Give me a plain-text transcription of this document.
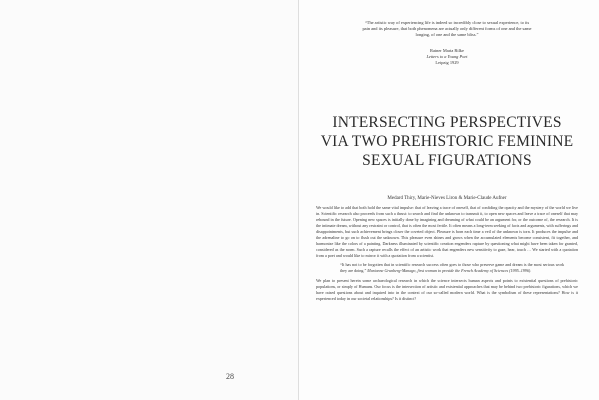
28

“The artistic way of experiencing life is indeed so incredibly close to sexual experience, to its pain and its pleasure, that both phenomena are actually only different forms of one and the same longing, of one and the same bliss.”

Rainer Maria Rilke
Letters to a Young Poet
Leipzig 1929
INTERSECTING PERSPECTIVES VIA TWO PREHISTORIC FEMININE SEXUAL FIGURATIONS
Medard Thiry, Marie-Nieves Liron & Marie-Claude Aufner

We would like to add that both hold the same vital impulse: that of leaving a trace of oneself, that of confiding the opacity and the mystery of the world we live in. Scientific research also proceeds from such a thrust: to search and find the unknown to transmit it, to open new spaces and leave a trace of oneself that may rebound in the future. Opening new spaces is initially done by imagining and dreaming of what could be an argument for, or the outcome of, the research. It is the intimate dream, without any restraint or control, that is often the most fertile. It often means a long-term seeking of facts and arguments, with sufferings and disappointments, but such achievement brings closer the coveted object. Pleasure is born each time a veil of the unknown is torn. It produces the impulse and the adrenaline to go on to flush out the unknown. This pleasure even shines and grows when the accumulated elements become consistent, fit together, and harmonize like the colors of a painting. Darkness illuminated by scientific creation engenders rapture by questioning what might have been taken for granted, considered as the norm. Such a rapture recalls the effect of an artistic work that engenders new sensitivity to gaze, hear, touch … We started with a quotation from a poet and would like to mirror it with a quotation from a scientist.

“It has not to be forgotten that in scientific research success often goes to those who preserve game and dream is the most serious work they are doing.” Marianne Grunberg-Manago, first woman to preside the French Academy of Sciences (1995–1996).

We plan to present herein some archaeological research in which the science intersects human aspects and points to existential questions of prehistoric populations, or simply of Humans. Our focus is the intersection of artistic and existential approaches that may be behind two prehistoric figurations, which we have raised questions about and inquired into in the context of our so-called modern world. What is the symbolism of these representations? How is it experienced today in our societal relationships? Is it distinct?
